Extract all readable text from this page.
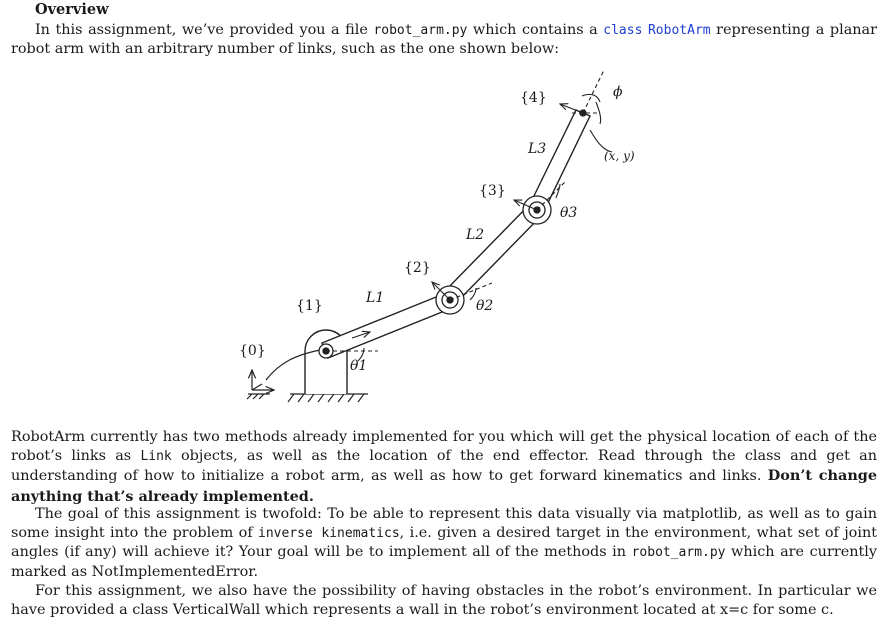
Overview

In this assignment, we’ve provided you a file robot_arm.py which contains a class RobotArm representing a planar robot arm with an arbitrary number of links, such as the one shown below:

{0}
{1}
{2}
{3}
{4}
L1
L2
L3
θ1
θ2
θ3
ϕ
(x, y)

RobotArm currently has two methods already implemented for you which will get the physical location of each of the robot’s links as Link objects, as well as the location of the end effector. Read through the class and get an understanding of how to initialize a robot arm, as well as how to get forward kinematics and links. Don’t change anything that’s already implemented.

The goal of this assignment is twofold: To be able to represent this data visually via matplotlib, as well as to gain some insight into the problem of inverse kinematics, i.e. given a desired target in the environment, what set of joint angles (if any) will achieve it? Your goal will be to implement all of the methods in robot_arm.py which are currently marked as NotImplementedError.

For this assignment, we also have the possibility of having obstacles in the robot’s environment. In particular we have provided a class VerticalWall which represents a wall in the robot’s environment located at x=c for some c.
